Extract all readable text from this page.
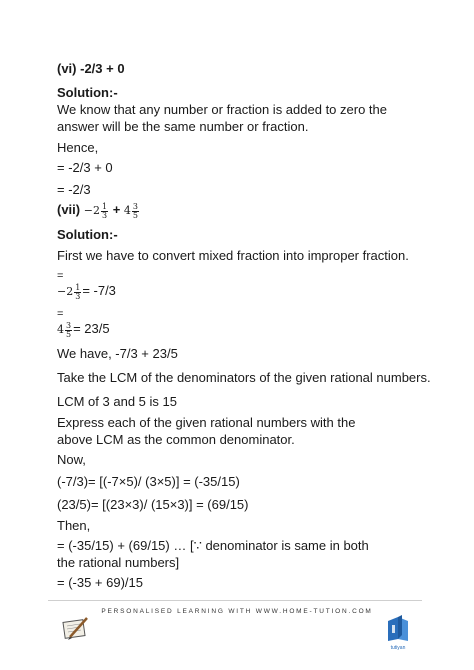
(vi) -2/3 + 0
Solution:-
We know that any number or fraction is added to zero the answer will be the same number or fraction.
Hence,
= -2/3 + 0
= -2/3
$(vii) -2 \frac{1}{3} + 4 \frac{3}{5}$
Solution:-
First we have to convert mixed fraction into improper fraction.
=
$-2 \frac{1}{3} = -7/3$
=
$4 \frac{3}{5} = 23/5$
We have, -7/3 + 23/5
Take the LCM of the denominators of the given rational numbers.
LCM of 3 and 5 is 15
Express each of the given rational numbers with the above LCM as the common denominator.
Now,
(-7/3)= [(-7×5)/ (3×5)] = (-35/15)
(23/5)= [(23×3)/ (15×3)] = (69/15)
Then,
= (-35/15) + (69/15) … [∵ denominator is same in both the rational numbers]
= (-35 + 69)/15
PERSONALISED LEARNING WITH WWW.HOME-TUTION.COM
tutiyan
